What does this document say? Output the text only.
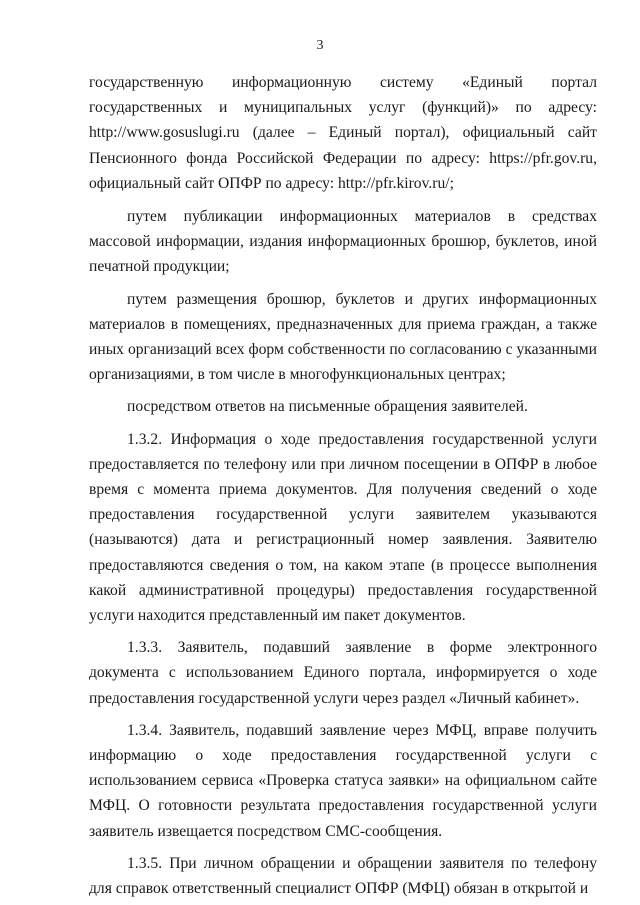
3

государственную информационную систему «Единый портал государственных и муниципальных услуг (функций)» по адресу: http://www.gosuslugi.ru (далее – Единый портал), официальный сайт Пенсионного фонда Российской Федерации по адресу: https://pfr.gov.ru, официальный сайт ОПФР по адресу: http://pfr.kirov.ru/;

путем публикации информационных материалов в средствах массовой информации, издания информационных брошюр, буклетов, иной печатной продукции;

путем размещения брошюр, буклетов и других информационных материалов в помещениях, предназначенных для приема граждан, а также иных организаций всех форм собственности по согласованию с указанными организациями, в том числе в многофункциональных центрах;

посредством ответов на письменные обращения заявителей.

1.3.2. Информация о ходе предоставления государственной услуги предоставляется по телефону или при личном посещении в ОПФР в любое время с момента приема документов. Для получения сведений о ходе предоставления государственной услуги заявителем указываются (называются) дата и регистрационный номер заявления. Заявителю предоставляются сведения о том, на каком этапе (в процессе выполнения какой административной процедуры) предоставления государственной услуги находится представленный им пакет документов.

1.3.3. Заявитель, подавший заявление в форме электронного документа с использованием Единого портала, информируется о ходе предоставления государственной услуги через раздел «Личный кабинет».

1.3.4. Заявитель, подавший заявление через МФЦ, вправе получить информацию о ходе предоставления государственной услуги с использованием сервиса «Проверка статуса заявки» на официальном сайте МФЦ. О готовности результата предоставления государственной услуги заявитель извещается посредством СМС-сообщения.

1.3.5. При личном обращении и обращении заявителя по телефону для справок ответственный специалист ОПФР (МФЦ) обязан в открытой и
